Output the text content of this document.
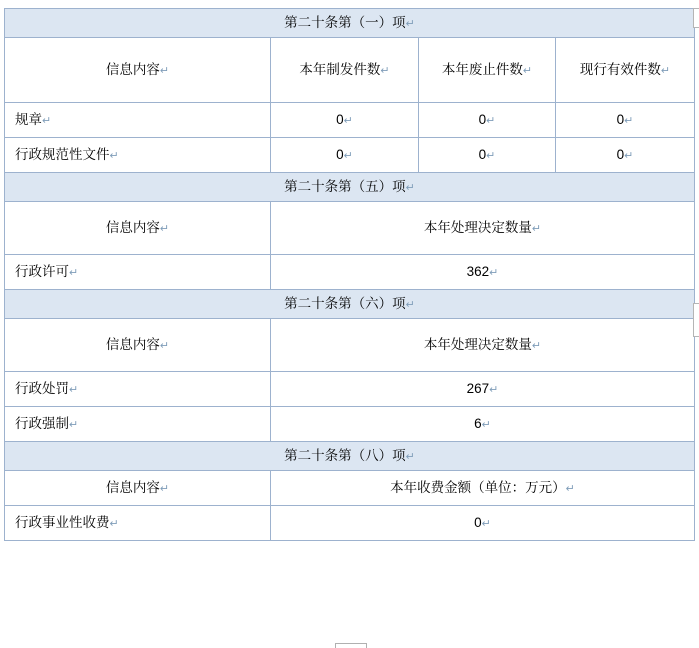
第二十条第（一）项↵			
信息内容↵	本年制发件数↵	本年废止件数↵	现行有效件数↵
规章↵	0↵	0↵	0↵
行政规范性文件↵	0↵	0↵	0↵
第二十条第（五）项↵			
信息内容↵	本年处理决定数量↵		
行政许可↵	362↵		
第二十条第（六）项↵			
信息内容↵	本年处理决定数量↵		
行政处罚↵	267↵		
行政强制↵	6↵		
第二十条第（八）项↵			
信息内容↵	本年收费金额（单位：万元）↵		
行政事业性收费↵	0↵		
